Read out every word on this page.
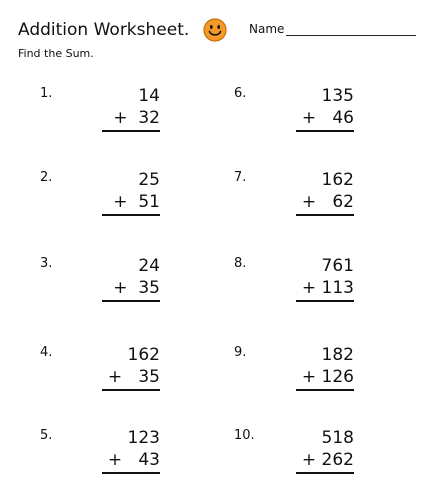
Addition Worksheet.
Find the Sum.
Name
1.	14
+ 32
2.	25
+ 51
3.	24
+ 35
4.	162
+ 35
5.	123
+ 43
6.	135
+ 46
7.	162
+ 62
8.	761
+ 113
9.	182
+ 126
10.	518
+ 262
